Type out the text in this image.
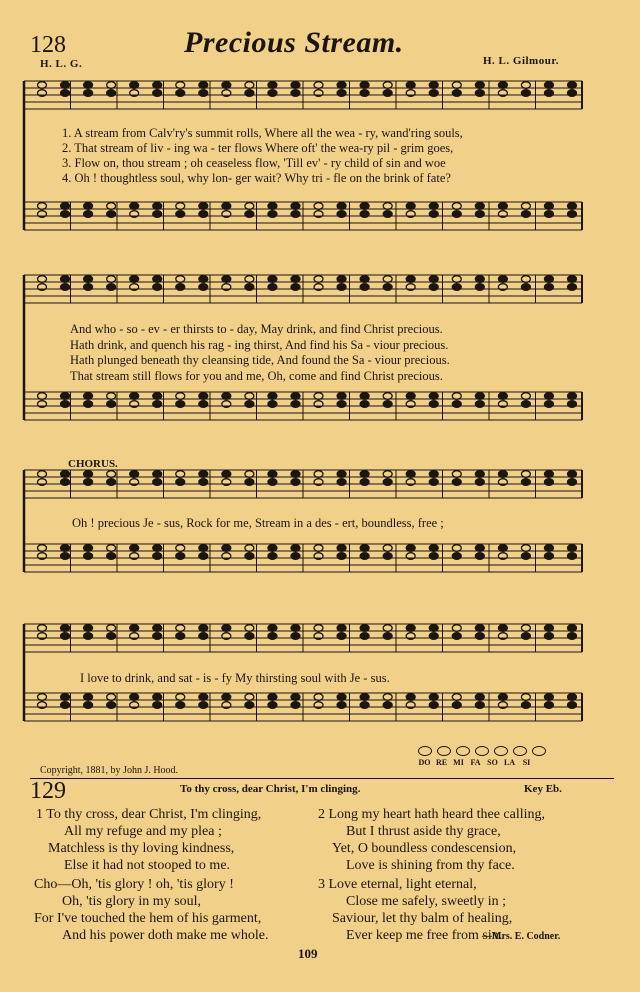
128	Precious Stream.
H. L. G.	H. L. Gilmour.
1. A stream from Calv'ry's summit rolls, Where all the wea - ry, wand'ring souls,
2. That stream of liv - ing wa - ter flows Where oft' the wea-ry pil - grim goes,
3. Flow on, thou stream ; oh ceaseless flow, 'Till ev' - ry child of sin and woe
4. Oh ! thoughtless soul, why lon- ger wait? Why tri - fle on the brink of fate?
And who - so - ev - er thirsts to - day, May drink, and find Christ precious.
Hath drink, and quench his rag - ing thirst, And find his Sa - viour precious.
Hath plunged beneath thy cleansing tide, And found the Sa - viour precious.
That stream still flows for you and me, Oh, come and find Christ precious.
CHORUS.
Oh ! precious Je - sus, Rock for me, Stream in a des - ert, boundless, free ;
I love to drink, and sat - is - fy My thirsting soul with Je - sus.
DO RE MI FA SO LA SI
Copyright, 1881, by John J. Hood.
129	To thy cross, dear Christ, I'm clinging.	Key Eb.
1 To thy cross, dear Christ, I'm clinging,
All my refuge and my plea ;
Matchless is thy loving kindness,
Else it had not stooped to me.
Cho—Oh, 'tis glory ! oh, 'tis glory !
Oh, 'tis glory in my soul,
For I've touched the hem of his garment,
And his power doth make me whole.
2 Long my heart hath heard thee calling,
But I thrust aside thy grace,
Yet, O boundless condescension,
Love is shining from thy face.
3 Love eternal, light eternal,
Close me safely, sweetly in ;
Saviour, let thy balm of healing,
Ever keep me free from sin.
—Mrs. E. Codner.
109
